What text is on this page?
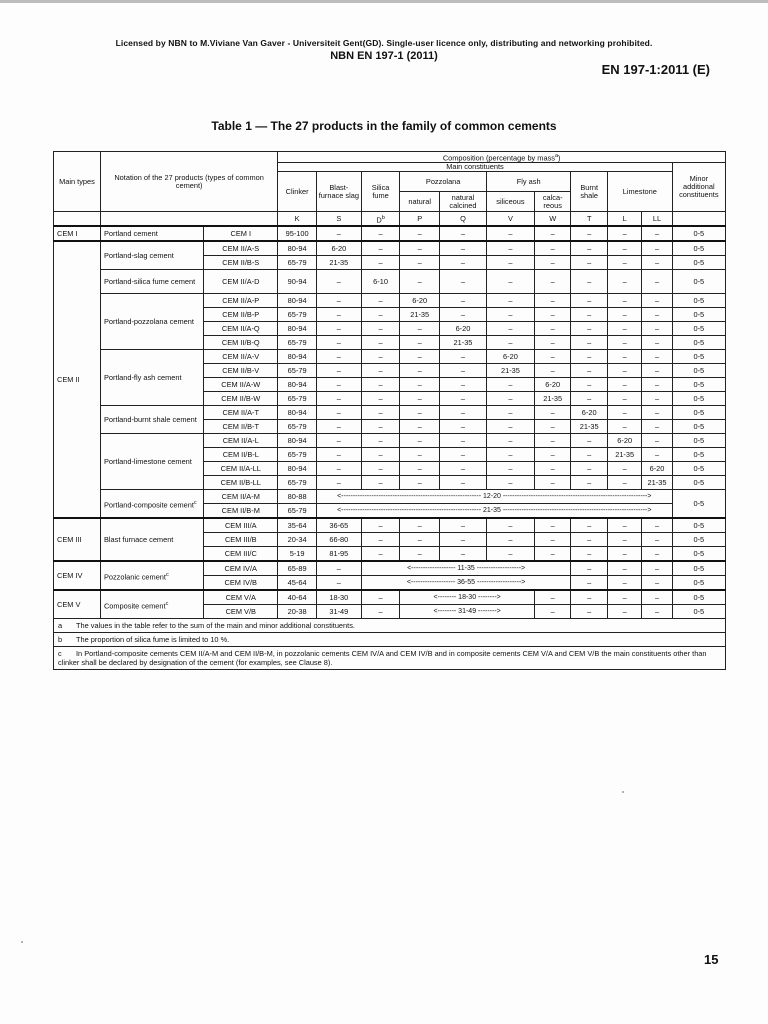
Licensed by NBN to M.Viviane Van Gaver - Universiteit Gent(GD). Single-user licence only, distributing and networking prohibited.
NBN EN 197-1 (2011)
EN 197-1:2011 (E)
Table 1 — The 27 products in the family of common cements
Main types	Notation of the 27 products (types of common cement)		Composition (percentage by mass$^a$)										
			Main constituents										Minor additional constituents
			Clinker	Blast-furnace slag	Silica fume	Pozzolana		Fly ash		Burnt shale	Limestone		
						natural	natural calcined	siliceous	calca-reous				
			K	S	$D^b$	P	Q	V	W	T	L	LL	
CEM I	Portland cement	CEM I	95-100	–	–	–	–	–	–	–	–	–	0-5
CEM II	Portland-slag cement	CEM II/A-S	80-94	6-20	–	–	–	–	–	–	–	–	0-5
		CEM II/B-S	65-79	21-35	–	–	–	–	–	–	–	–	0-5
	Portland-silica fume cement	CEM II/A-D	90-94	–	6-10	–	–	–	–	–	–	–	0-5
	Portland-pozzolana cement	CEM II/A-P	80-94	–	–	6-20	–	–	–	–	–	–	0-5
		CEM II/B-P	65-79	–	–	21-35	–	–	–	–	–	–	0-5
		CEM II/A-Q	80-94	–	–	–	6-20	–	–	–	–	–	0-5
		CEM II/B-Q	65-79	–	–	–	21-35	–	–	–	–	–	0-5
	Portland-fly ash cement	CEM II/A-V	80-94	–	–	–	–	6-20	–	–	–	–	0-5
		CEM II/B-V	65-79	–	–	–	–	21-35	–	–	–	–	0-5
		CEM II/A-W	80-94	–	–	–	–	–	6-20	–	–	–	0-5
		CEM II/B-W	65-79	–	–	–	–	–	21-35	–	–	–	0-5
	Portland-burnt shale cement	CEM II/A-T	80-94	–	–	–	–	–	–	6-20	–	–	0-5
		CEM II/B-T	65-79	–	–	–	–	–	–	21-35	–	–	0-5
	Portland-limestone cement	CEM II/A-L	80-94	–	–	–	–	–	–	–	6-20	–	0-5
		CEM II/B-L	65-79	–	–	–	–	–	–	–	21-35	–	0-5
		CEM II/A-LL	80-94	–	–	–	–	–	–	–	–	6-20	0-5
		CEM II/B-LL	65-79	–	–	–	–	–	–	–	–	21-35	0-5
	Portland-composite cement$^c$	CEM II/A-M	80-88	<------------------------------------------------------------ 12-20 -------------------------------------------------------------->									0-5
		CEM II/B-M	65-79	<------------------------------------------------------------ 21-35 -------------------------------------------------------------->									
CEM III	Blast furnace cement	CEM III/A	35-64	36-65	–	–	–	–	–	–	–	–	0-5
		CEM III/B	20-34	66-80	–	–	–	–	–	–	–	–	0-5
		CEM III/C	5-19	81-95	–	–	–	–	–	–	–	–	0-5
CEM IV	Pozzolanic cement$^c$	CEM IV/A	65-89	–	<------------------- 11-35 ------------------->					–	–	–	0-5
		CEM IV/B	45-64	–	<------------------- 36-55 ------------------->					–	–	–	0-5
CEM V	Composite cement$^c$	CEM V/A	40-64	18-30	–	<-------- 18-30 -------->			–	–	–	–	0-5
		CEM V/B	20-38	31-49	–	<-------- 31-49 -------->			–	–	–	–	0-5
a The values in the table refer to the sum of the main and minor additional constituents.
b The proportion of silica fume is limited to 10 %.
c In Portland-composite cements CEM II/A-M and CEM II/B-M, in pozzolanic cements CEM IV/A and CEM IV/B and in composite cements CEM V/A and CEM V/B the main constituents other than clinker shall be declared by designation of the cement (for examples, see Clause 8).
15
